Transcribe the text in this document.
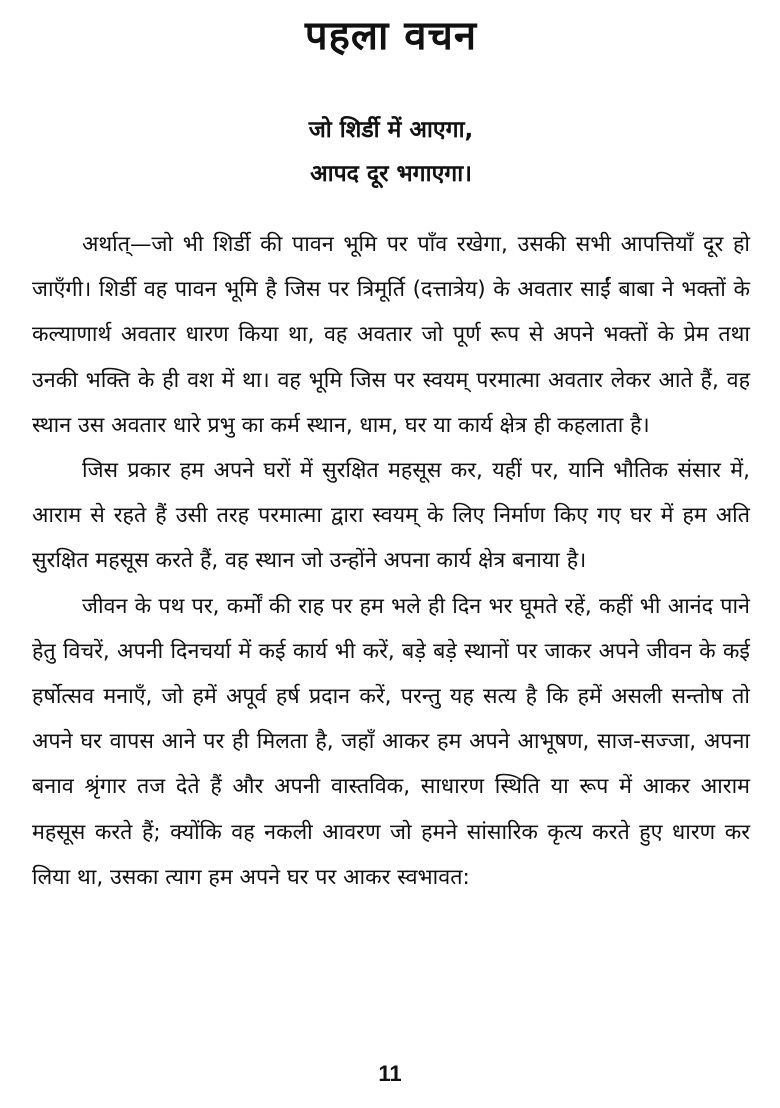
पहला वचन
जो शिर्डी में आएगा,
आपद दूर भगाएगा।

अर्थात्—जो भी शिर्डी की पावन भूमि पर पाँव रखेगा, उसकी सभी आपत्तियाँ दूर हो जाएँगी। शिर्डी वह पावन भूमि है जिस पर त्रिमूर्ति (दत्तात्रेय) के अवतार साईं बाबा ने भक्तों के कल्याणार्थ अवतार धारण किया था, वह अवतार जो पूर्ण रूप से अपने भक्तों के प्रेम तथा उनकी भक्ति के ही वश में था। वह भूमि जिस पर स्वयम् परमात्मा अवतार लेकर आते हैं, वह स्थान उस अवतार धारे प्रभु का कर्म स्थान, धाम, घर या कार्य क्षेत्र ही कहलाता है।

जिस प्रकार हम अपने घरों में सुरक्षित महसूस कर, यहीं पर, यानि भौतिक संसार में, आराम से रहते हैं उसी तरह परमात्मा द्वारा स्वयम् के लिए निर्माण किए गए घर में हम अति सुरक्षित महसूस करते हैं, वह स्थान जो उन्होंने अपना कार्य क्षेत्र बनाया है।

जीवन के पथ पर, कर्मों की राह पर हम भले ही दिन भर घूमते रहें, कहीं भी आनंद पाने हेतु विचरें, अपनी दिनचर्या में कई कार्य भी करें, बड़े बड़े स्थानों पर जाकर अपने जीवन के कई हर्षोत्सव मनाएँ, जो हमें अपूर्व हर्ष प्रदान करें, परन्तु यह सत्य है कि हमें असली सन्तोष तो अपने घर वापस आने पर ही मिलता है, जहाँ आकर हम अपने आभूषण, साज-सज्जा, अपना बनाव श्रृंगार तज देते हैं और अपनी वास्तविक, साधारण स्थिति या रूप में आकर आराम महसूस करते हैं; क्योंकि वह नकली आवरण जो हमने सांसारिक कृत्य करते हुए धारण कर लिया था, उसका त्याग हम अपने घर पर आकर स्वभावत:

11
